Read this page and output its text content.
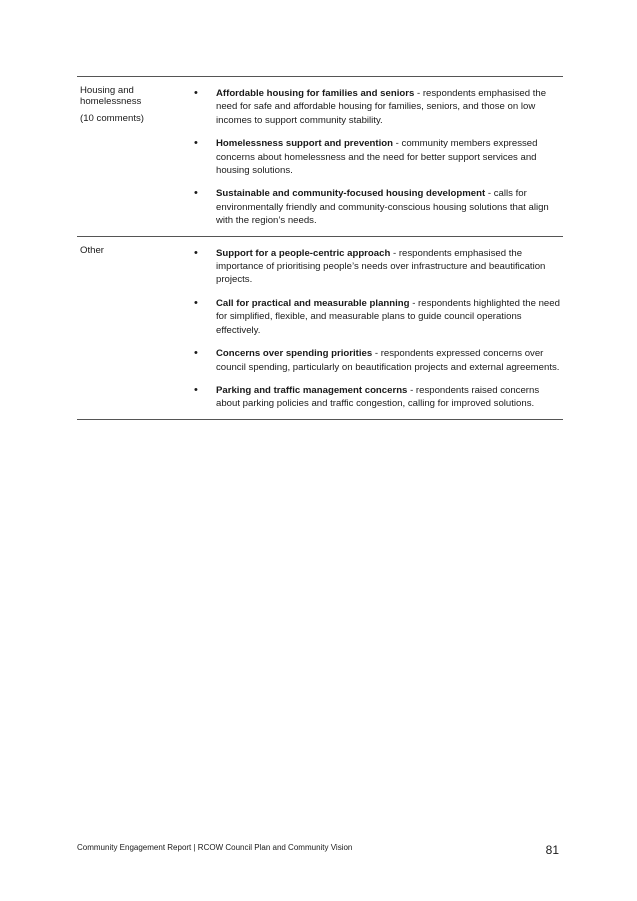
Housing and homelessness
(10 comments)
• Affordable housing for families and seniors - respondents emphasised the need for safe and affordable housing for families, seniors, and those on low incomes to support community stability.
• Homelessness support and prevention - community members expressed concerns about homelessness and the need for better support services and housing solutions.
• Sustainable and community-focused housing development - calls for environmentally friendly and community-conscious housing solutions that align with the region’s needs.
Other	• Support for a people-centric approach - respondents emphasised the importance of prioritising people’s needs over infrastructure and beautification projects.
• Call for practical and measurable planning - respondents highlighted the need for simplified, flexible, and measurable plans to guide council operations effectively.
• Concerns over spending priorities - respondents expressed concerns over council spending, particularly on beautification projects and external agreements.
• Parking and traffic management concerns - respondents raised concerns about parking policies and traffic congestion, calling for improved solutions.
Community Engagement Report | RCOW Council Plan and Community Vision	81
